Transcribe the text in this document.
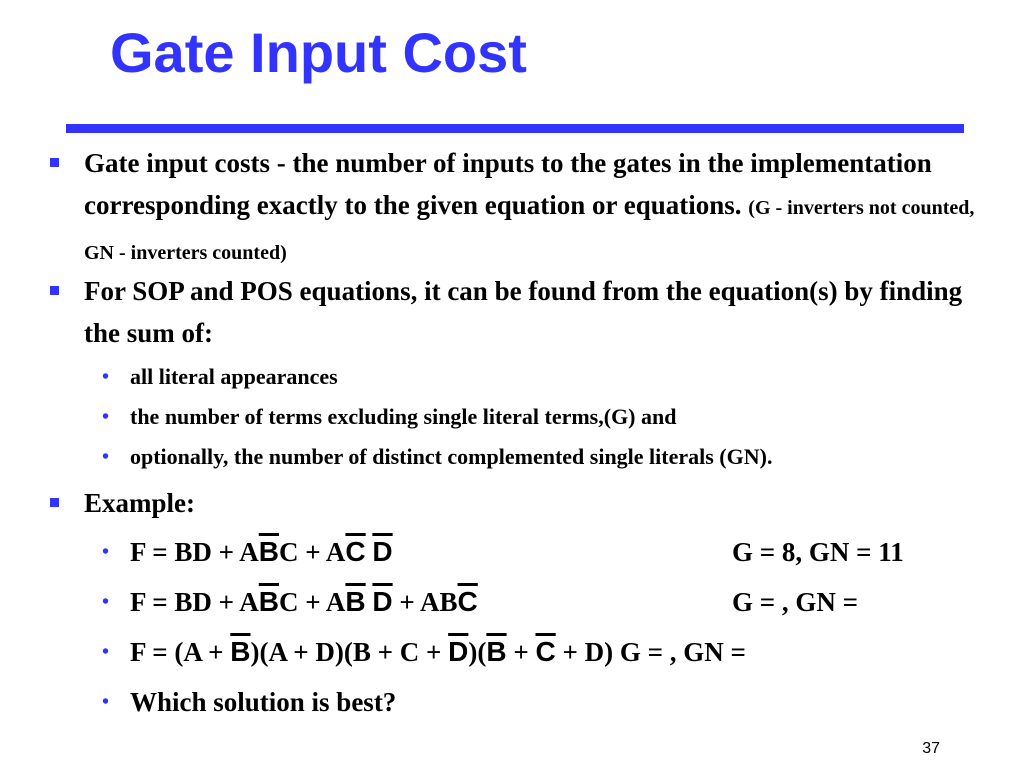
Gate Input Cost
Gate input costs - the number of inputs to the gates in the implementation corresponding exactly to the given equation or equations. (G - inverters not counted, GN - inverters counted)
For SOP and POS equations, it can be found from the equation(s) by finding the sum of:
• all literal appearances
• the number of terms excluding single literal terms,(G) and
• optionally, the number of distinct complemented single literals (GN).
Example:
• F = BD + $A\overline{B}C + A\overline{C}$ $\overline{D}$	G = 8, GN = 11
• F = BD + $A\overline{B}C + A\overline{B}$ $\overline{D} + AB\overline{C}$	G = , GN =
• $F = (A + \overline{B})(A + D)(B + C + \overline{D})(\overline{B} + \overline{C} + D)$ G = , GN =
• Which solution is best?
37
